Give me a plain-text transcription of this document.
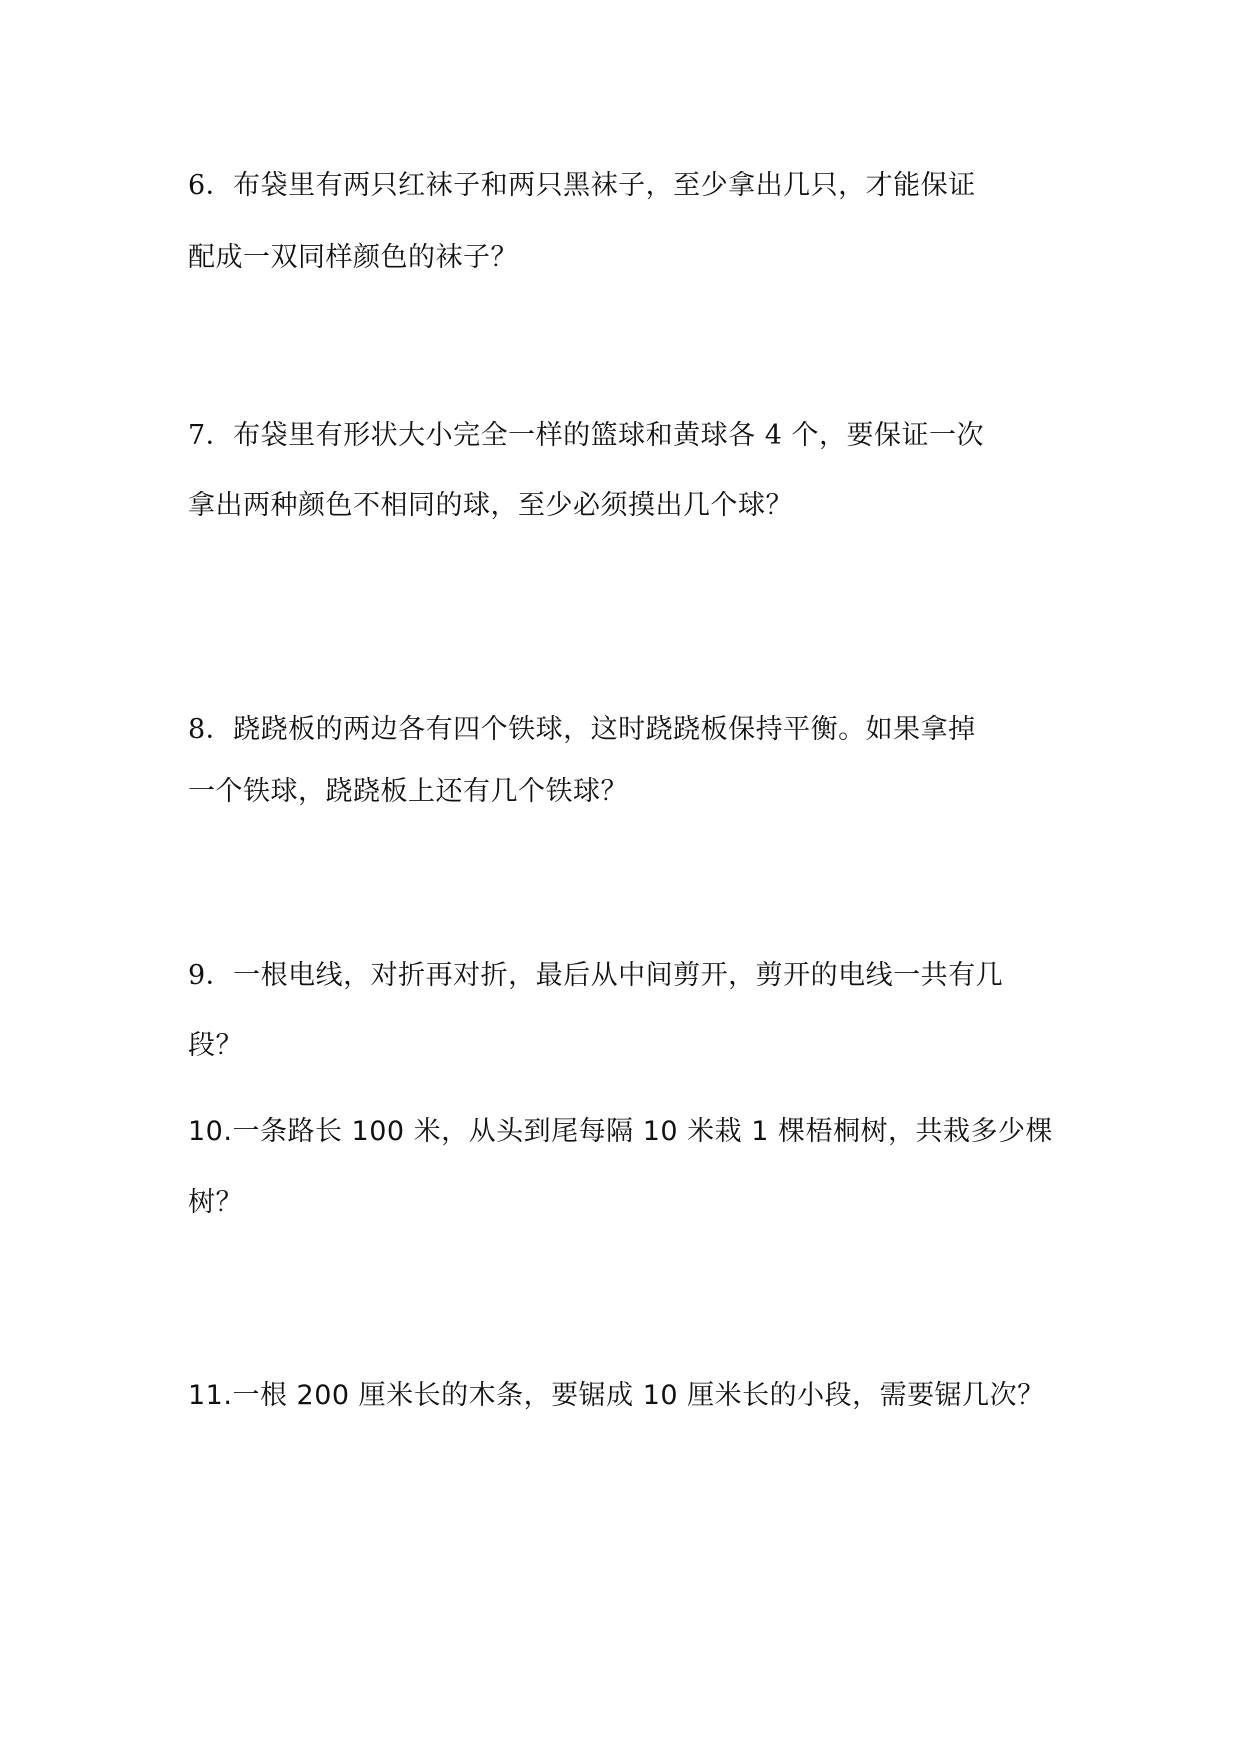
6．布袋里有两只红袜子和两只黑袜子，至少拿出几只，才能保证
配成一双同样颜色的袜子？
7．布袋里有形状大小完全一样的篮球和黄球各 4 个，要保证一次
拿出两种颜色不相同的球，至少必须摸出几个球？
8．跷跷板的两边各有四个铁球，这时跷跷板保持平衡。如果拿掉
一个铁球，跷跷板上还有几个铁球？
9．一根电线，对折再对折，最后从中间剪开，剪开的电线一共有几
段？
10.一条路长 100 米，从头到尾每隔 10 米栽 1 棵梧桐树，共栽多少棵
树？
11.一根 200 厘米长的木条，要锯成 10 厘米长的小段，需要锯几次？
